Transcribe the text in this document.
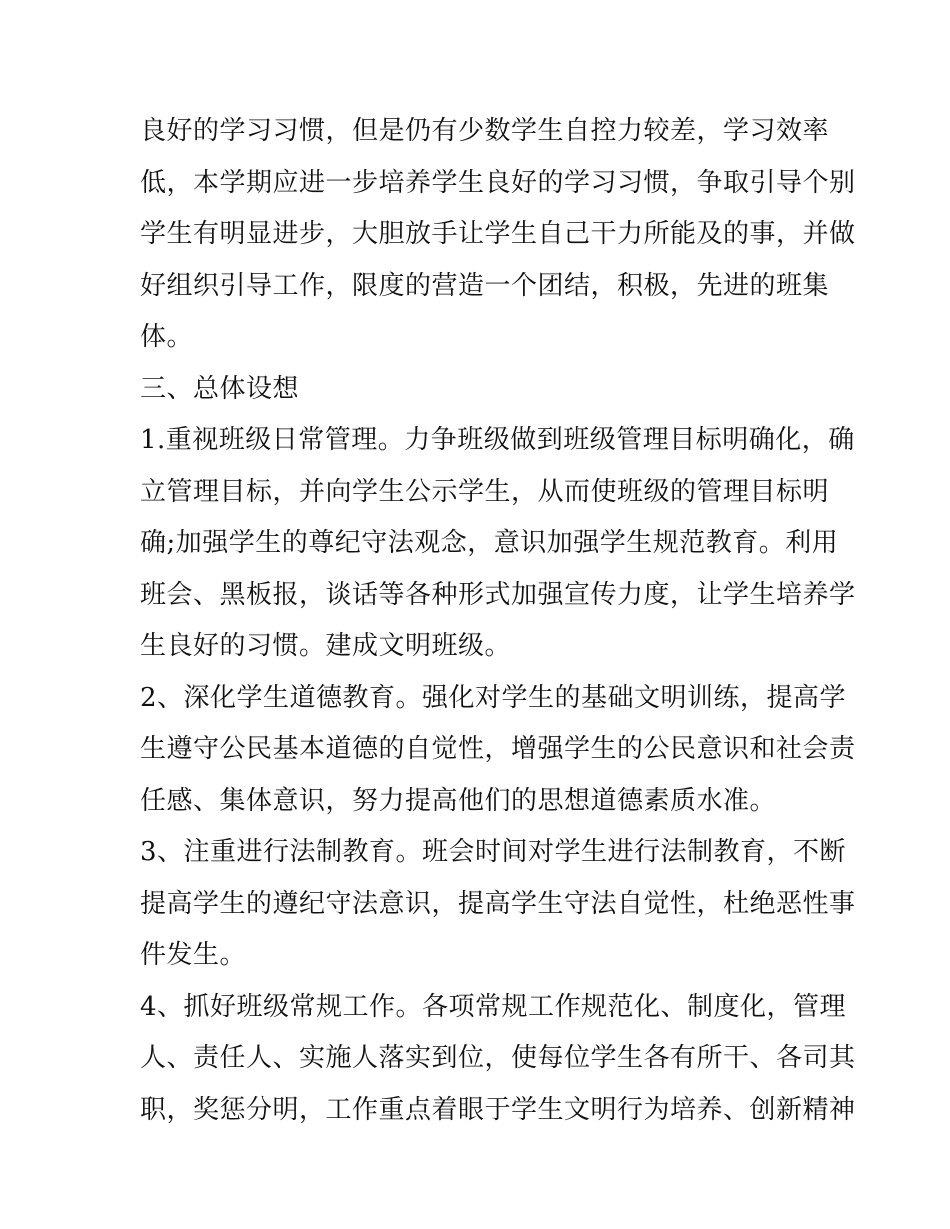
良好的学习习惯，但是仍有少数学生自控力较差，学习效率
低，本学期应进一步培养学生良好的学习习惯，争取引导个别
学生有明显进步，大胆放手让学生自己干力所能及的事，并做
好组织引导工作，限度的营造一个团结，积极，先进的班集
体。
三、总体设想
1.重视班级日常管理。力争班级做到班级管理目标明确化，确
立管理目标，并向学生公示学生，从而使班级的管理目标明
确;加强学生的尊纪守法观念，意识加强学生规范教育。利用
班会、黑板报，谈话等各种形式加强宣传力度，让学生培养学
生良好的习惯。建成文明班级。
2、深化学生道德教育。强化对学生的基础文明训练，提高学
生遵守公民基本道德的自觉性，增强学生的公民意识和社会责
任感、集体意识，努力提高他们的思想道德素质水准。
3、注重进行法制教育。班会时间对学生进行法制教育，不断
提高学生的遵纪守法意识，提高学生守法自觉性，杜绝恶性事
件发生。
4、抓好班级常规工作。各项常规工作规范化、制度化，管理
人、责任人、实施人落实到位，使每位学生各有所干、各司其
职，奖惩分明，工作重点着眼于学生文明行为培养、创新精神
